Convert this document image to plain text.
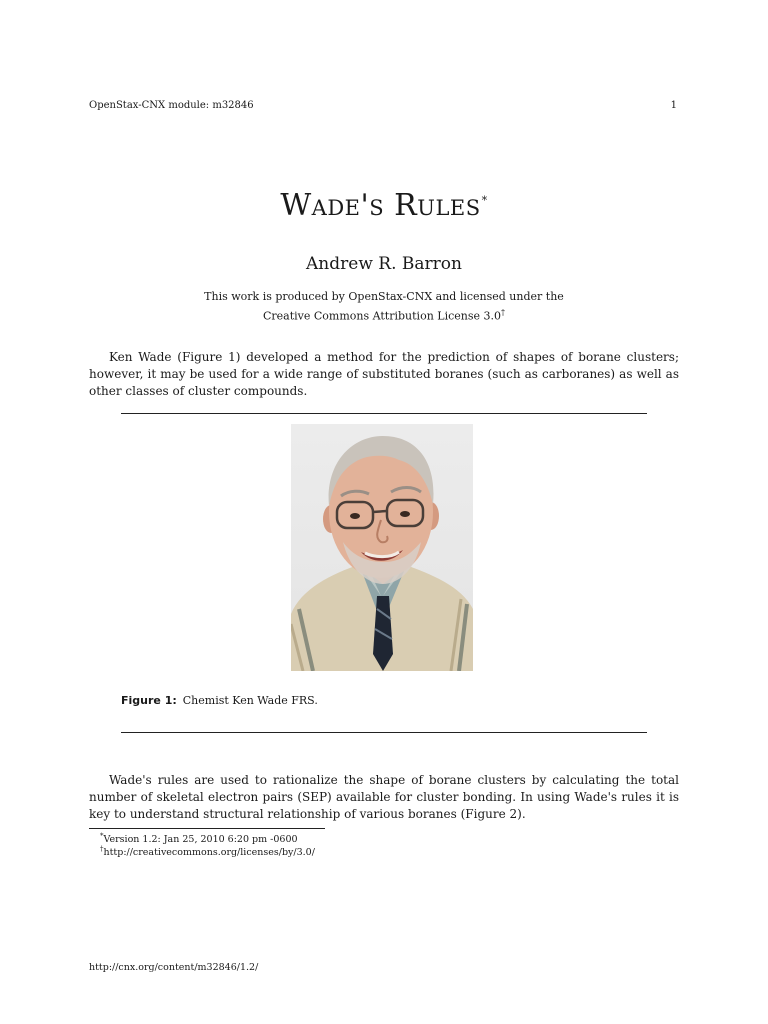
OpenStax-CNX module: m32846	1
Wade's Rules*
Andrew R. Barron
This work is produced by OpenStax-CNX and licensed under the
Creative Commons Attribution License 3.0†

Ken Wade (Figure 1) developed a method for the prediction of shapes of borane clusters; however, it may be used for a wide range of substituted boranes (such as carboranes) as well as other classes of cluster compounds.

Figure 1: Chemist Ken Wade FRS.

Wade's rules are used to rationalize the shape of borane clusters by calculating the total number of skeletal electron pairs (SEP) available for cluster bonding. In using Wade's rules it is key to understand structural relationship of various boranes (Figure 2).

*Version 1.2: Jan 25, 2010 6:20 pm -0600
†http://creativecommons.org/licenses/by/3.0/
http://cnx.org/content/m32846/1.2/
